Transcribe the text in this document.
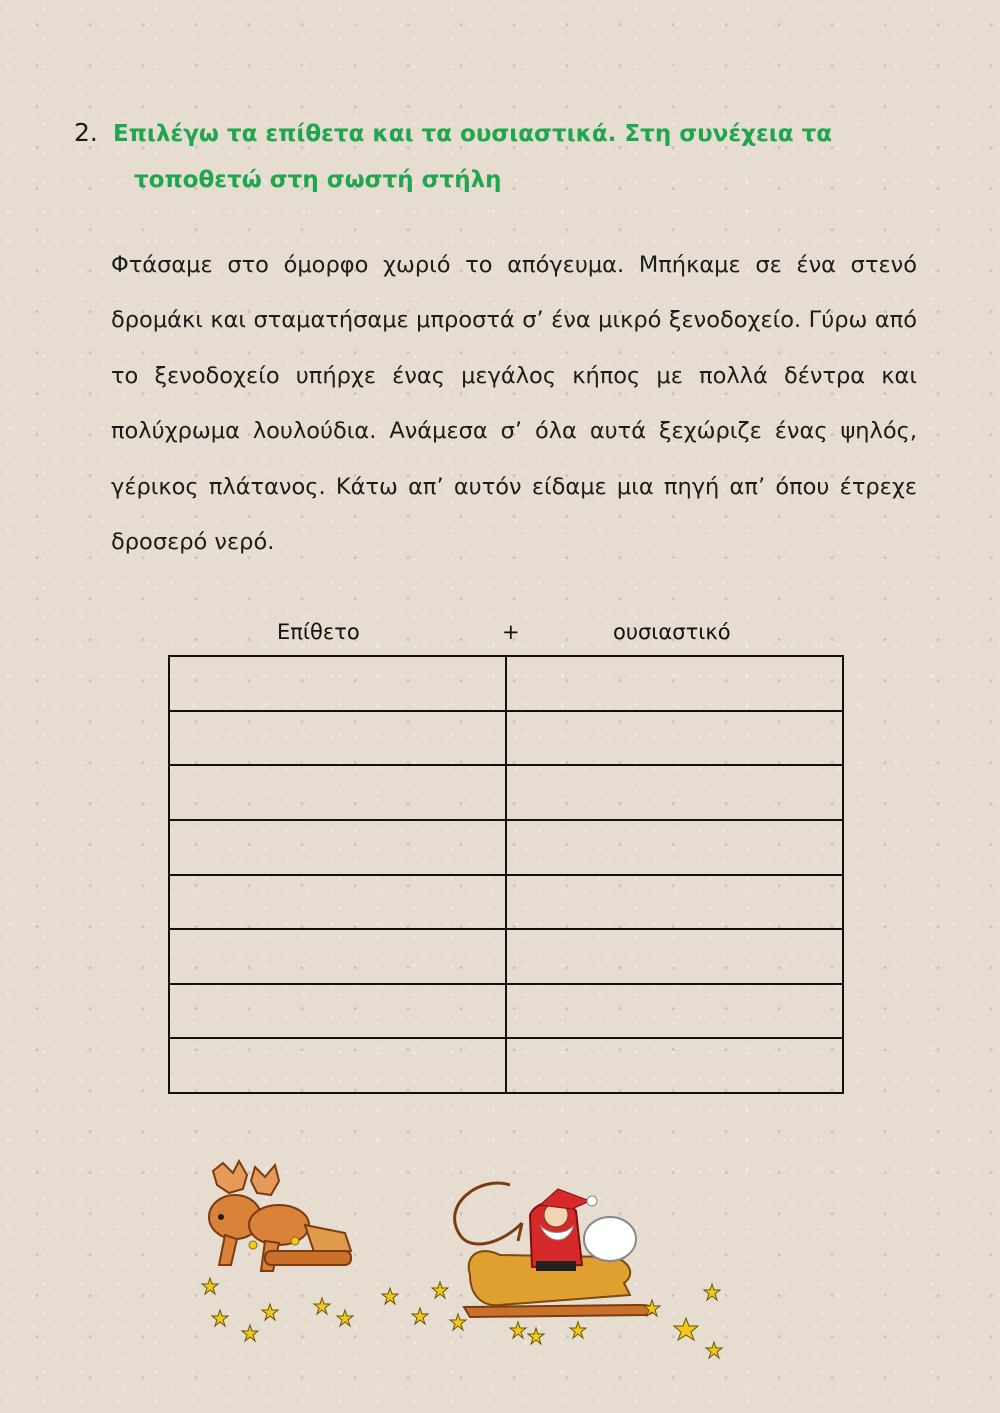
2. Επιλέγω τα επίθετα και τα ουσιαστικά. Στη συνέχεια τα
τοποθετώ στη σωστή στήλη

Φτάσαμε στο όμορφο χωριό το απόγευμα. Μπήκαμε σε ένα στενό δρομάκι και σταματήσαμε μπροστά σ’ ένα μικρό ξενοδοχείο. Γύρω από το ξενοδοχείο υπήρχε ένας μεγάλος κήπος με πολλά δέντρα και πολύχρωμα λουλούδια. Ανάμεσα σ’ όλα αυτά ξεχώριζε ένας ψηλός, γέρικος πλάτανος. Κάτω απ’ αυτόν είδαμε μια πηγή απ’ όπου έτρεχε δροσερό νερό.

Επίθετο	+	ουσιαστικό
